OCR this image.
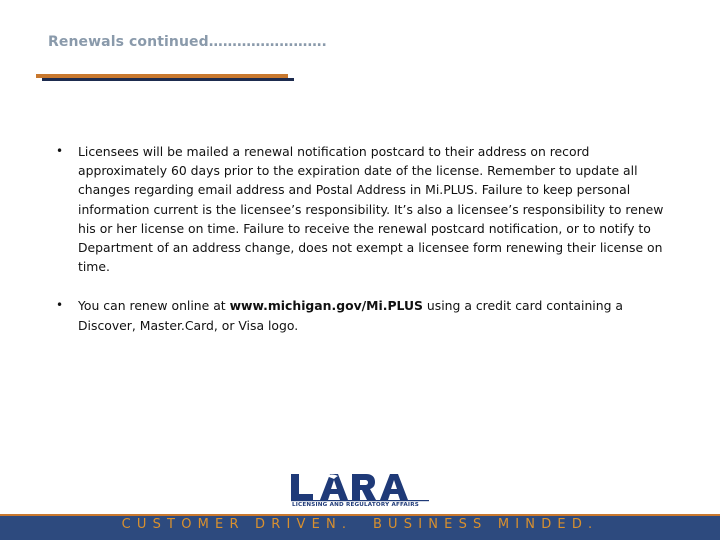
Renewals continued…………………….
• Licensees will be mailed a renewal notification postcard to their address on record approximately 60 days prior to the expiration date of the license. Remember to update all changes regarding email address and Postal Address in Mi.PLUS. Failure to keep personal information current is the licensee’s responsibility. It’s also a licensee’s responsibility to renew his or her license on time. Failure to receive the renewal postcard notification, or to notify to Department of an address change, does not exempt a licensee form renewing their license on time.
• You can renew online at www.michigan.gov/Mi.PLUS using a credit card containing a Discover, Master.Card, or Visa logo.
LICENSING AND REGULATORY AFFAIRS
CUSTOMER DRIVEN. BUSINESS MINDED.
